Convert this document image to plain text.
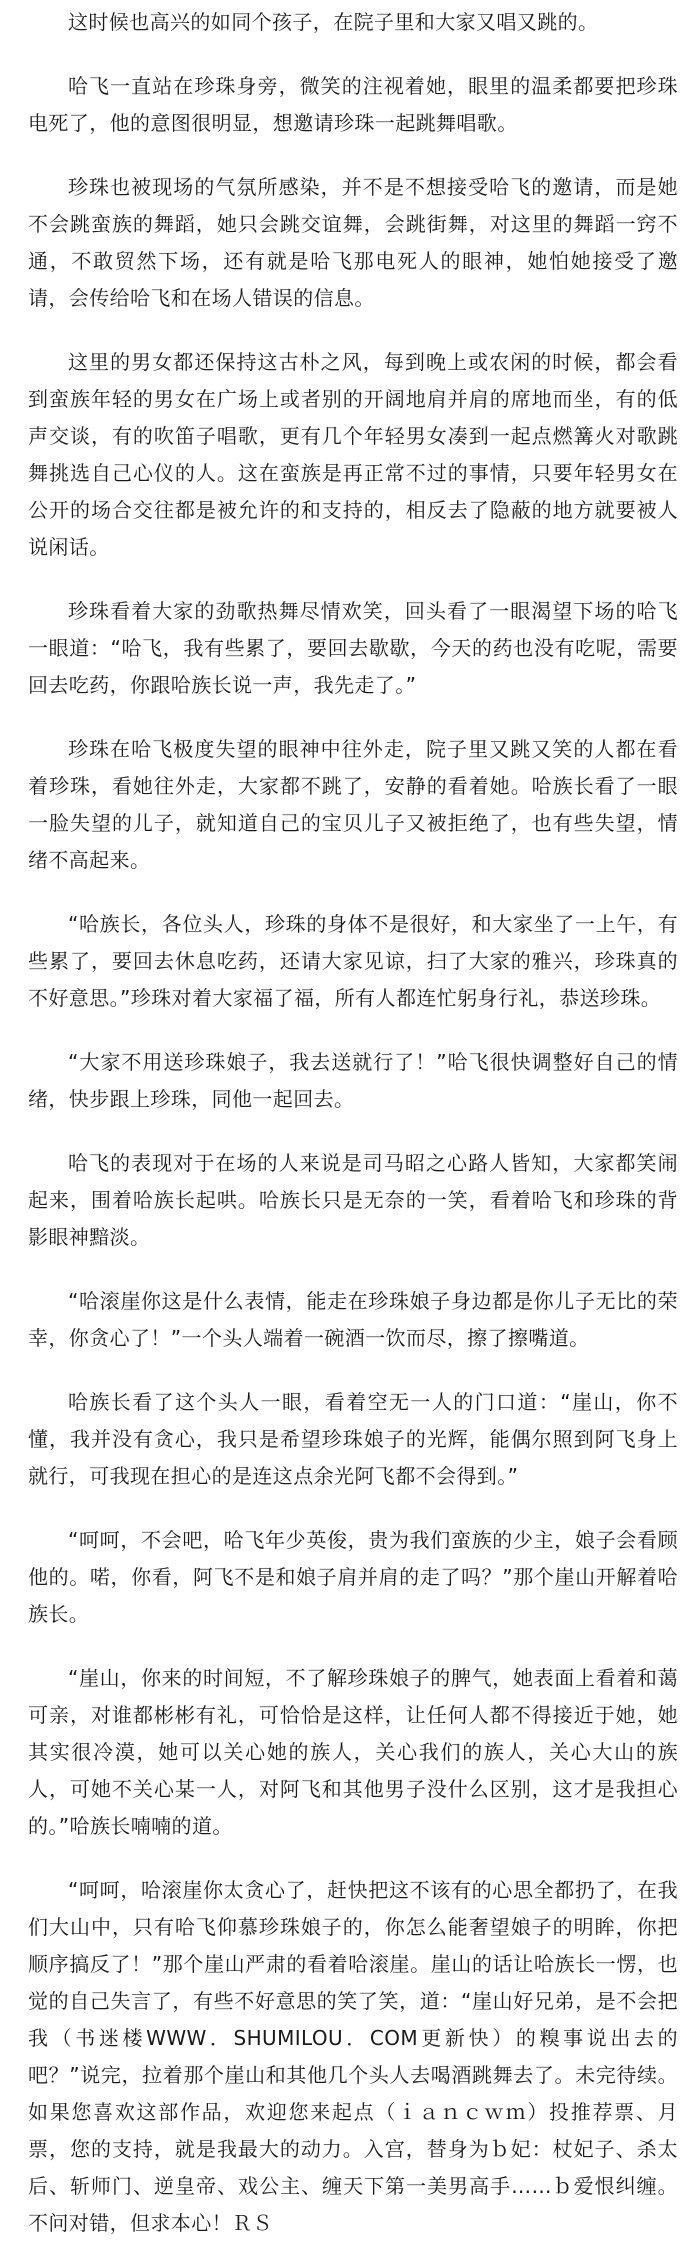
这时候也高兴的如同个孩子，在院子里和大家又唱又跳的。

哈飞一直站在珍珠身旁，微笑的注视着她，眼里的温柔都要把珍珠电死了，他的意图很明显，想邀请珍珠一起跳舞唱歌。

珍珠也被现场的气氛所感染，并不是不想接受哈飞的邀请，而是她不会跳蛮族的舞蹈，她只会跳交谊舞，会跳街舞，对这里的舞蹈一窍不通，不敢贸然下场，还有就是哈飞那电死人的眼神，她怕她接受了邀请，会传给哈飞和在场人错误的信息。

这里的男女都还保持这古朴之风，每到晚上或农闲的时候，都会看到蛮族年轻的男女在广场上或者别的开阔地肩并肩的席地而坐，有的低声交谈，有的吹笛子唱歌，更有几个年轻男女凑到一起点燃篝火对歌跳舞挑选自己心仪的人。这在蛮族是再正常不过的事情，只要年轻男女在公开的场合交往都是被允许的和支持的，相反去了隐蔽的地方就要被人说闲话。

珍珠看着大家的劲歌热舞尽情欢笑，回头看了一眼渴望下场的哈飞一眼道：“哈飞，我有些累了，要回去歇歇，今天的药也没有吃呢，需要回去吃药，你跟哈族长说一声，我先走了。”

珍珠在哈飞极度失望的眼神中往外走，院子里又跳又笑的人都在看着珍珠，看她往外走，大家都不跳了，安静的看着她。哈族长看了一眼一脸失望的儿子，就知道自己的宝贝儿子又被拒绝了，也有些失望，情绪不高起来。

“哈族长，各位头人，珍珠的身体不是很好，和大家坐了一上午，有些累了，要回去休息吃药，还请大家见谅，扫了大家的雅兴，珍珠真的不好意思。”珍珠对着大家福了福，所有人都连忙躬身行礼，恭送珍珠。

“大家不用送珍珠娘子，我去送就行了！”哈飞很快调整好自己的情绪，快步跟上珍珠，同他一起回去。

哈飞的表现对于在场的人来说是司马昭之心路人皆知，大家都笑闹起来，围着哈族长起哄。哈族长只是无奈的一笑，看着哈飞和珍珠的背影眼神黯淡。

“哈滚崖你这是什么表情，能走在珍珠娘子身边都是你儿子无比的荣幸，你贪心了！”一个头人端着一碗酒一饮而尽，擦了擦嘴道。

哈族长看了这个头人一眼，看着空无一人的门口道：“崖山，你不懂，我并没有贪心，我只是希望珍珠娘子的光辉，能偶尔照到阿飞身上就行，可我现在担心的是连这点余光阿飞都不会得到。”

“呵呵，不会吧，哈飞年少英俊，贵为我们蛮族的少主，娘子会看顾他的。喏，你看，阿飞不是和娘子肩并肩的走了吗？”那个崖山开解着哈族长。

“崖山，你来的时间短，不了解珍珠娘子的脾气，她表面上看着和蔼可亲，对谁都彬彬有礼，可恰恰是这样，让任何人都不得接近于她，她其实很冷漠，她可以关心她的族人，关心我们的族人，关心大山的族人，可她不关心某一人，对阿飞和其他男子没什么区别，这才是我担心的。”哈族长喃喃的道。

“呵呵，哈滚崖你太贪心了，赶快把这不该有的心思全都扔了，在我们大山中，只有哈飞仰慕珍珠娘子的，你怎么能奢望娘子的明眸，你把顺序搞反了！”那个崖山严肃的看着哈滚崖。崖山的话让哈族长一愣，也觉的自己失言了，有些不好意思的笑了笑，道：“崖山好兄弟，是不会把我（书迷楼WWW．SHUMILOU．COM更新快）的糗事说出去的吧？”说完，拉着那个崖山和其他几个头人去喝酒跳舞去了。未完待续。如果您喜欢这部作品，欢迎您来起点（ｉａｎｃｗｍ）投推荐票、月票，您的支持，就是我最大的动力。入宫，替身为ｂ妃：杖妃子、杀太后、斩师门、逆皇帝、戏公主、缠天下第一美男高手……ｂ爱恨纠缠。不问对错，但求本心！ＲＳ
